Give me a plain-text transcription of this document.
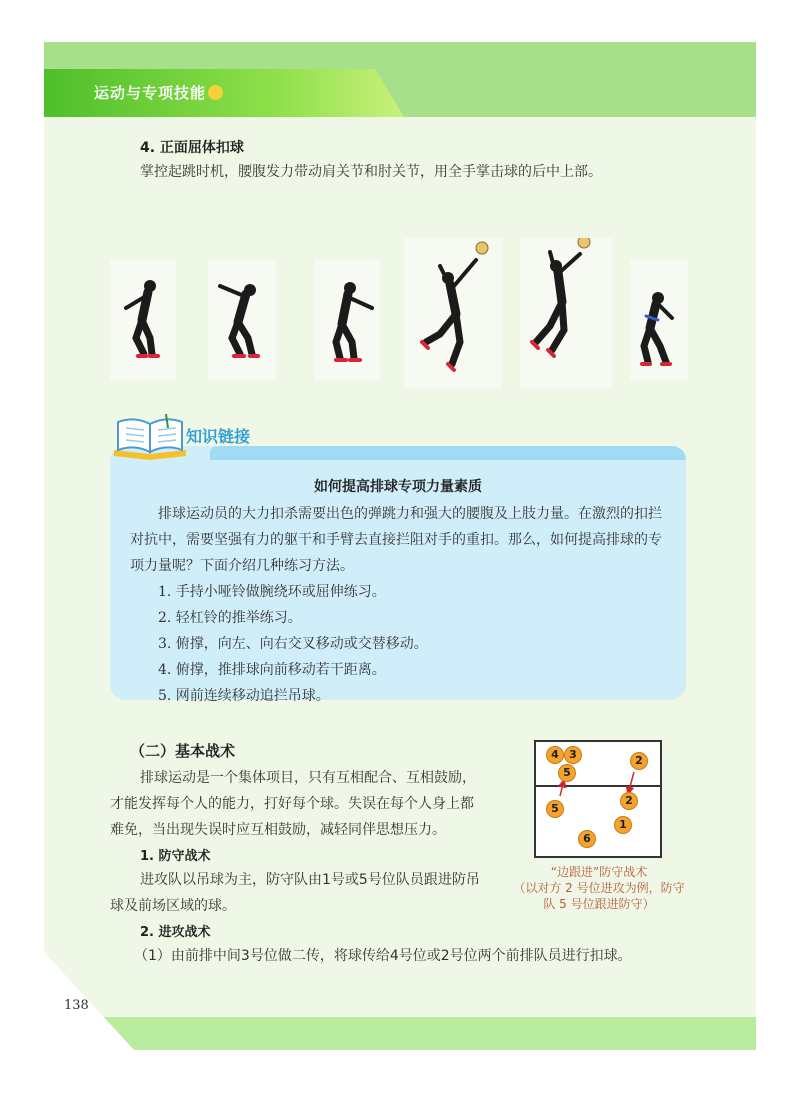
运动与专项技能
4. 正面屈体扣球
掌控起跳时机，腰腹发力带动肩关节和肘关节，用全手掌击球的后中上部。
知识链接
如何提高排球专项力量素质
排球运动员的大力扣杀需要出色的弹跳力和强大的腰腹及上肢力量。在激烈的扣拦
对抗中，需要坚强有力的躯干和手臂去直接拦阻对手的重扣。那么，如何提高排球的专
项力量呢？下面介绍几种练习方法。
1. 手持小哑铃做腕绕环或屈伸练习。
2. 轻杠铃的推举练习。
3. 俯撑，向左、向右交叉移动或交替移动。
4. 俯撑，推排球向前移动若干距离。
5. 网前连续移动追拦吊球。
（二）基本战术
排球运动是一个集体项目，只有互相配合、互相鼓励，
才能发挥每个人的能力，打好每个球。失误在每个人身上都
难免，当出现失误时应互相鼓励，减轻同伴思想压力。
1. 防守战术
进攻队以吊球为主，防守队由1号或5号位队员跟进防吊
球及前场区域的球。
2. 进攻战术
（1）由前排中间3号位做二传，将球传给4号位或2号位两个前排队员进行扣球。
4 3
5
2
5
2
1
6
“边跟进”防守战术
（以对方 2 号位进攻为例，防守
队 5 号位跟进防守）
138
